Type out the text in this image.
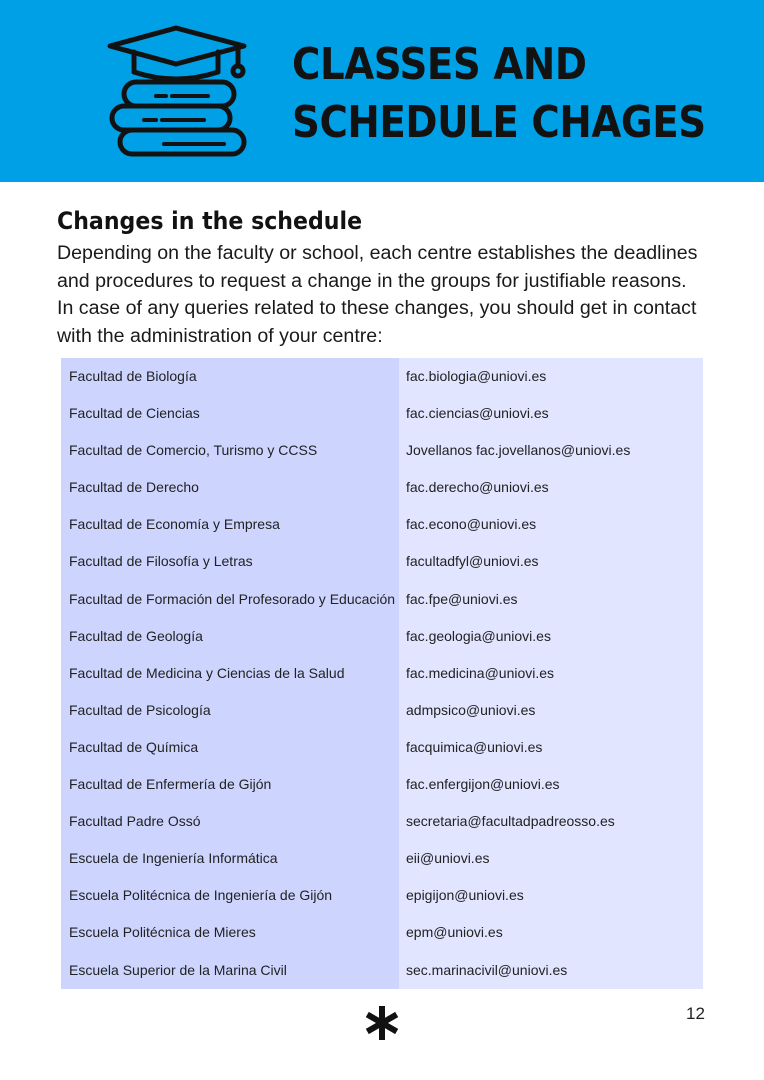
CLASSES AND
SCHEDULE CHAGES
Changes in the schedule
Depending on the faculty or school, each centre establishes the deadlines
and procedures to request a change in the groups for justifiable reasons.
In case of any queries related to these changes, you should get in contact
with the administration of your centre:
Facultad de Biología
Facultad de Ciencias
Facultad de Comercio, Turismo y CCSS
Facultad de Derecho
Facultad de Economía y Empresa
Facultad de Filosofía y Letras
Facultad de Formación del Profesorado y Educación
Facultad de Geología
Facultad de Medicina y Ciencias de la Salud
Facultad de Psicología
Facultad de Química
Facultad de Enfermería de Gijón
Facultad Padre Ossó
Escuela de Ingeniería Informática
Escuela Politécnica de Ingeniería de Gijón
Escuela Politécnica de Mieres
Escuela Superior de la Marina Civil
fac.biologia@uniovi.es
fac.ciencias@uniovi.es
Jovellanos fac.jovellanos@uniovi.es
fac.derecho@uniovi.es
fac.econo@uniovi.es
facultadfyl@uniovi.es
fac.fpe@uniovi.es
fac.geologia@uniovi.es
fac.medicina@uniovi.es
admpsico@uniovi.es
facquimica@uniovi.es
fac.enfergijon@uniovi.es
secretaria@facultadpadreosso.es
eii@uniovi.es
epigijon@uniovi.es
epm@uniovi.es
sec.marinacivil@uniovi.es
12
